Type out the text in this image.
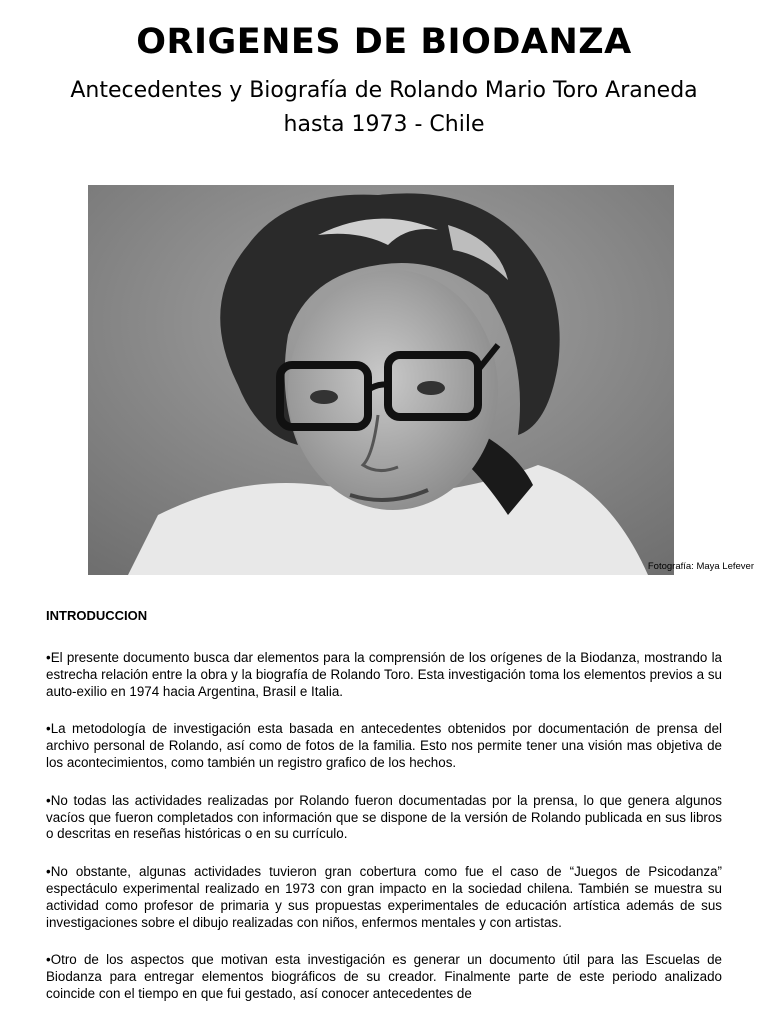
ORIGENES DE BIODANZA
Antecedentes y Biografía de Rolando Mario Toro Araneda
hasta 1973 - Chile
Fotografía: Maya Lefever
INTRODUCCION

•El presente documento busca dar elementos para la comprensión de los orígenes de la Biodanza, mostrando la estrecha relación entre la obra y la biografía de Rolando Toro. Esta investigación toma los elementos previos a su auto-exilio en 1974 hacia Argentina, Brasil e Italia.

•La metodología de investigación esta basada en antecedentes obtenidos por documentación de prensa del archivo personal de Rolando, así como de fotos de la familia. Esto nos permite tener una visión mas objetiva de los acontecimientos, como también un registro grafico de los hechos.

•No todas las actividades realizadas por Rolando fueron documentadas por la prensa, lo que genera algunos vacíos que fueron completados con información que se dispone de la versión de Rolando publicada en sus libros o descritas en reseñas históricas o en su currículo.

•No obstante, algunas actividades tuvieron gran cobertura como fue el caso de “Juegos de Psicodanza” espectáculo experimental realizado en 1973 con gran impacto en la sociedad chilena. También se muestra su actividad como profesor de primaria y sus propuestas experimentales de educación artística además de sus investigaciones sobre el dibujo realizadas con niños, enfermos mentales y con artistas.

•Otro de los aspectos que motivan esta investigación es generar un documento útil para las Escuelas de Biodanza para entregar elementos biográficos de su creador. Finalmente parte de este periodo analizado coincide con el tiempo en que fui gestado, así conocer antecedentes de
